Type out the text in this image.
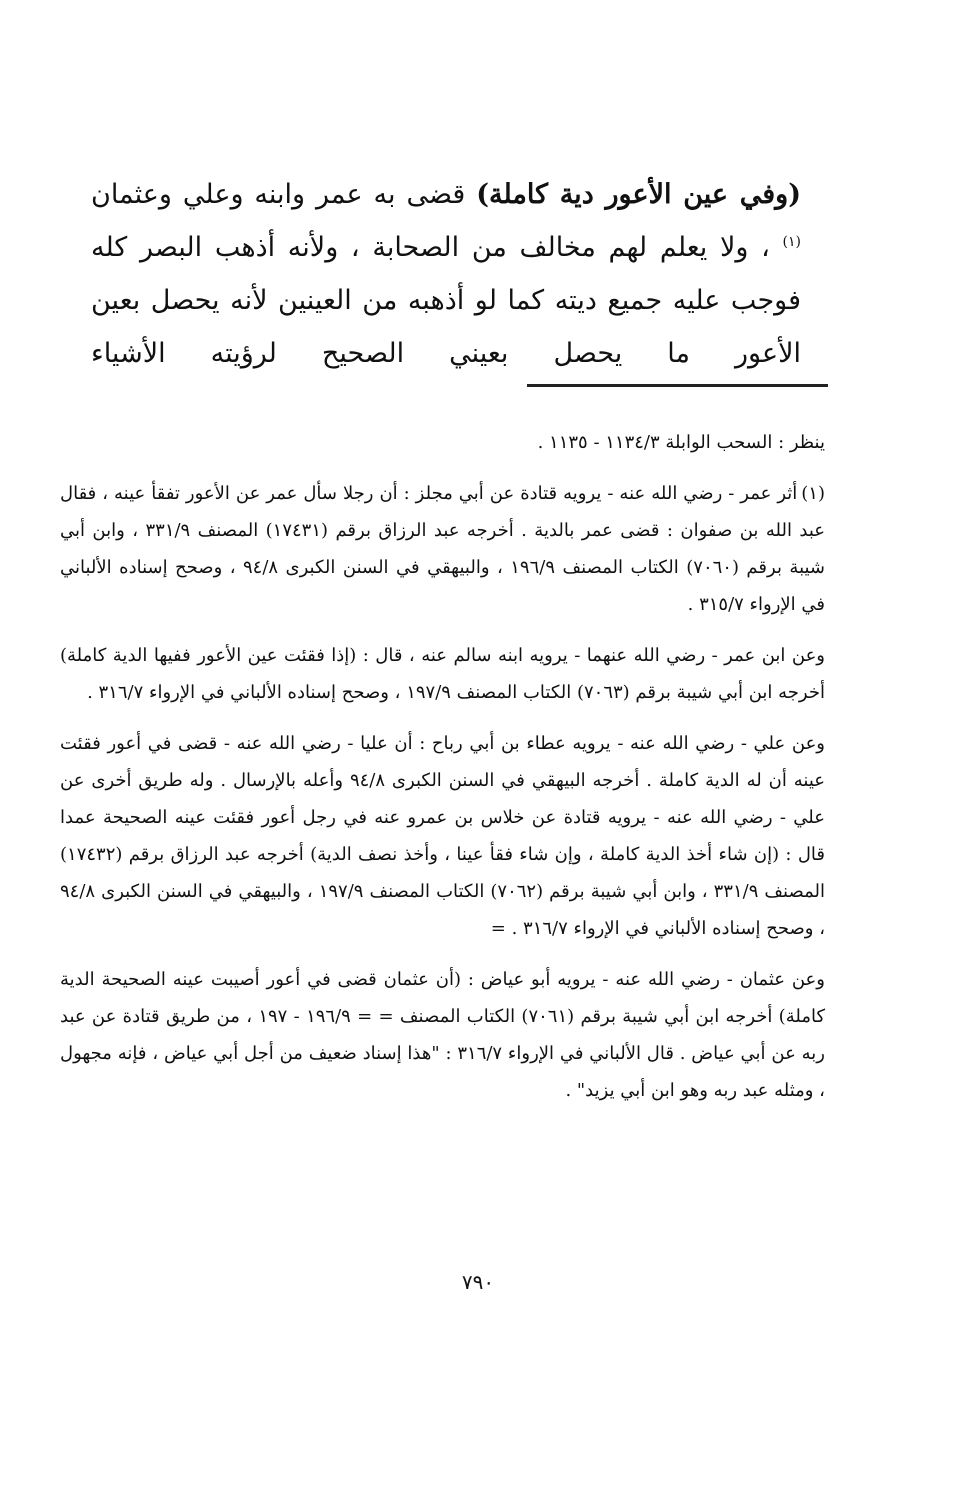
(وفي عين الأعور دية كاملة) قضى به عمر وابنه وعلي وعثمان $^{(١)}$ ، ولا يعلم لهم مخالف من الصحابة ، ولأنه أذهب البصر كله فوجب عليه جميع ديته كما لو أذهبه من العينين لأنه يحصل بعين الأعور ما يحصل بعيني الصحيح لرؤيته الأشياء
ينظر : السحب الوابلة ١١٣٤/٣ - ١١٣٥ .
(١)أثر عمر - رضي الله عنه - يرويه قتادة عن أبي مجلز : أن رجلا سأل عمر عن الأعور تفقأ عينه ، فقال عبد الله بن صفوان : قضى عمر بالدية . أخرجه عبد الرزاق برقم (١٧٤٣١) المصنف ٣٣١/٩ ، وابن أبي شيبة برقم (٧٠٦٠) الكتاب المصنف ١٩٦/٩ ، والبيهقي في السنن الكبرى ٩٤/٨ ، وصحح إسناده الألباني في الإرواء ٣١٥/٧ .
وعن ابن عمر - رضي الله عنهما - يرويه ابنه سالم عنه ، قال : (إذا فقئت عين الأعور ففيها الدية كاملة) أخرجه ابن أبي شيبة برقم (٧٠٦٣) الكتاب المصنف ١٩٧/٩ ، وصحح إسناده الألباني في الإرواء ٣١٦/٧ .
وعن علي - رضي الله عنه - يرويه عطاء بن أبي رباح : أن عليا - رضي الله عنه - قضى في أعور فقئت عينه أن له الدية كاملة . أخرجه البيهقي في السنن الكبرى ٩٤/٨ وأعله بالإرسال . وله طريق أخرى عن علي - رضي الله عنه - يرويه قتادة عن خلاس بن عمرو عنه في رجل أعور فقئت عينه الصحيحة عمدا قال : (إن شاء أخذ الدية كاملة ، وإن شاء فقأ عينا ، وأخذ نصف الدية) أخرجه عبد الرزاق برقم (١٧٤٣٢) المصنف ٣٣١/٩ ، وابن أبي شيبة برقم (٧٠٦٢) الكتاب المصنف ١٩٧/٩ ، والبيهقي في السنن الكبرى ٩٤/٨ ، وصحح إسناده الألباني في الإرواء ٣١٦/٧ . =
وعن عثمان - رضي الله عنه - يرويه أبو عياض : (أن عثمان قضى في أعور أصيبت عينه الصحيحة الدية كاملة) أخرجه ابن أبي شيبة برقم (٧٠٦١) الكتاب المصنف = = ١٩٦/٩ - ١٩٧ ، من طريق قتادة عن عبد ربه عن أبي عياض . قال الألباني في الإرواء ٣١٦/٧ : "هذا إسناد ضعيف من أجل أبي عياض ، فإنه مجهول ، ومثله عبد ربه وهو ابن أبي يزيد" .
٧٩٠
